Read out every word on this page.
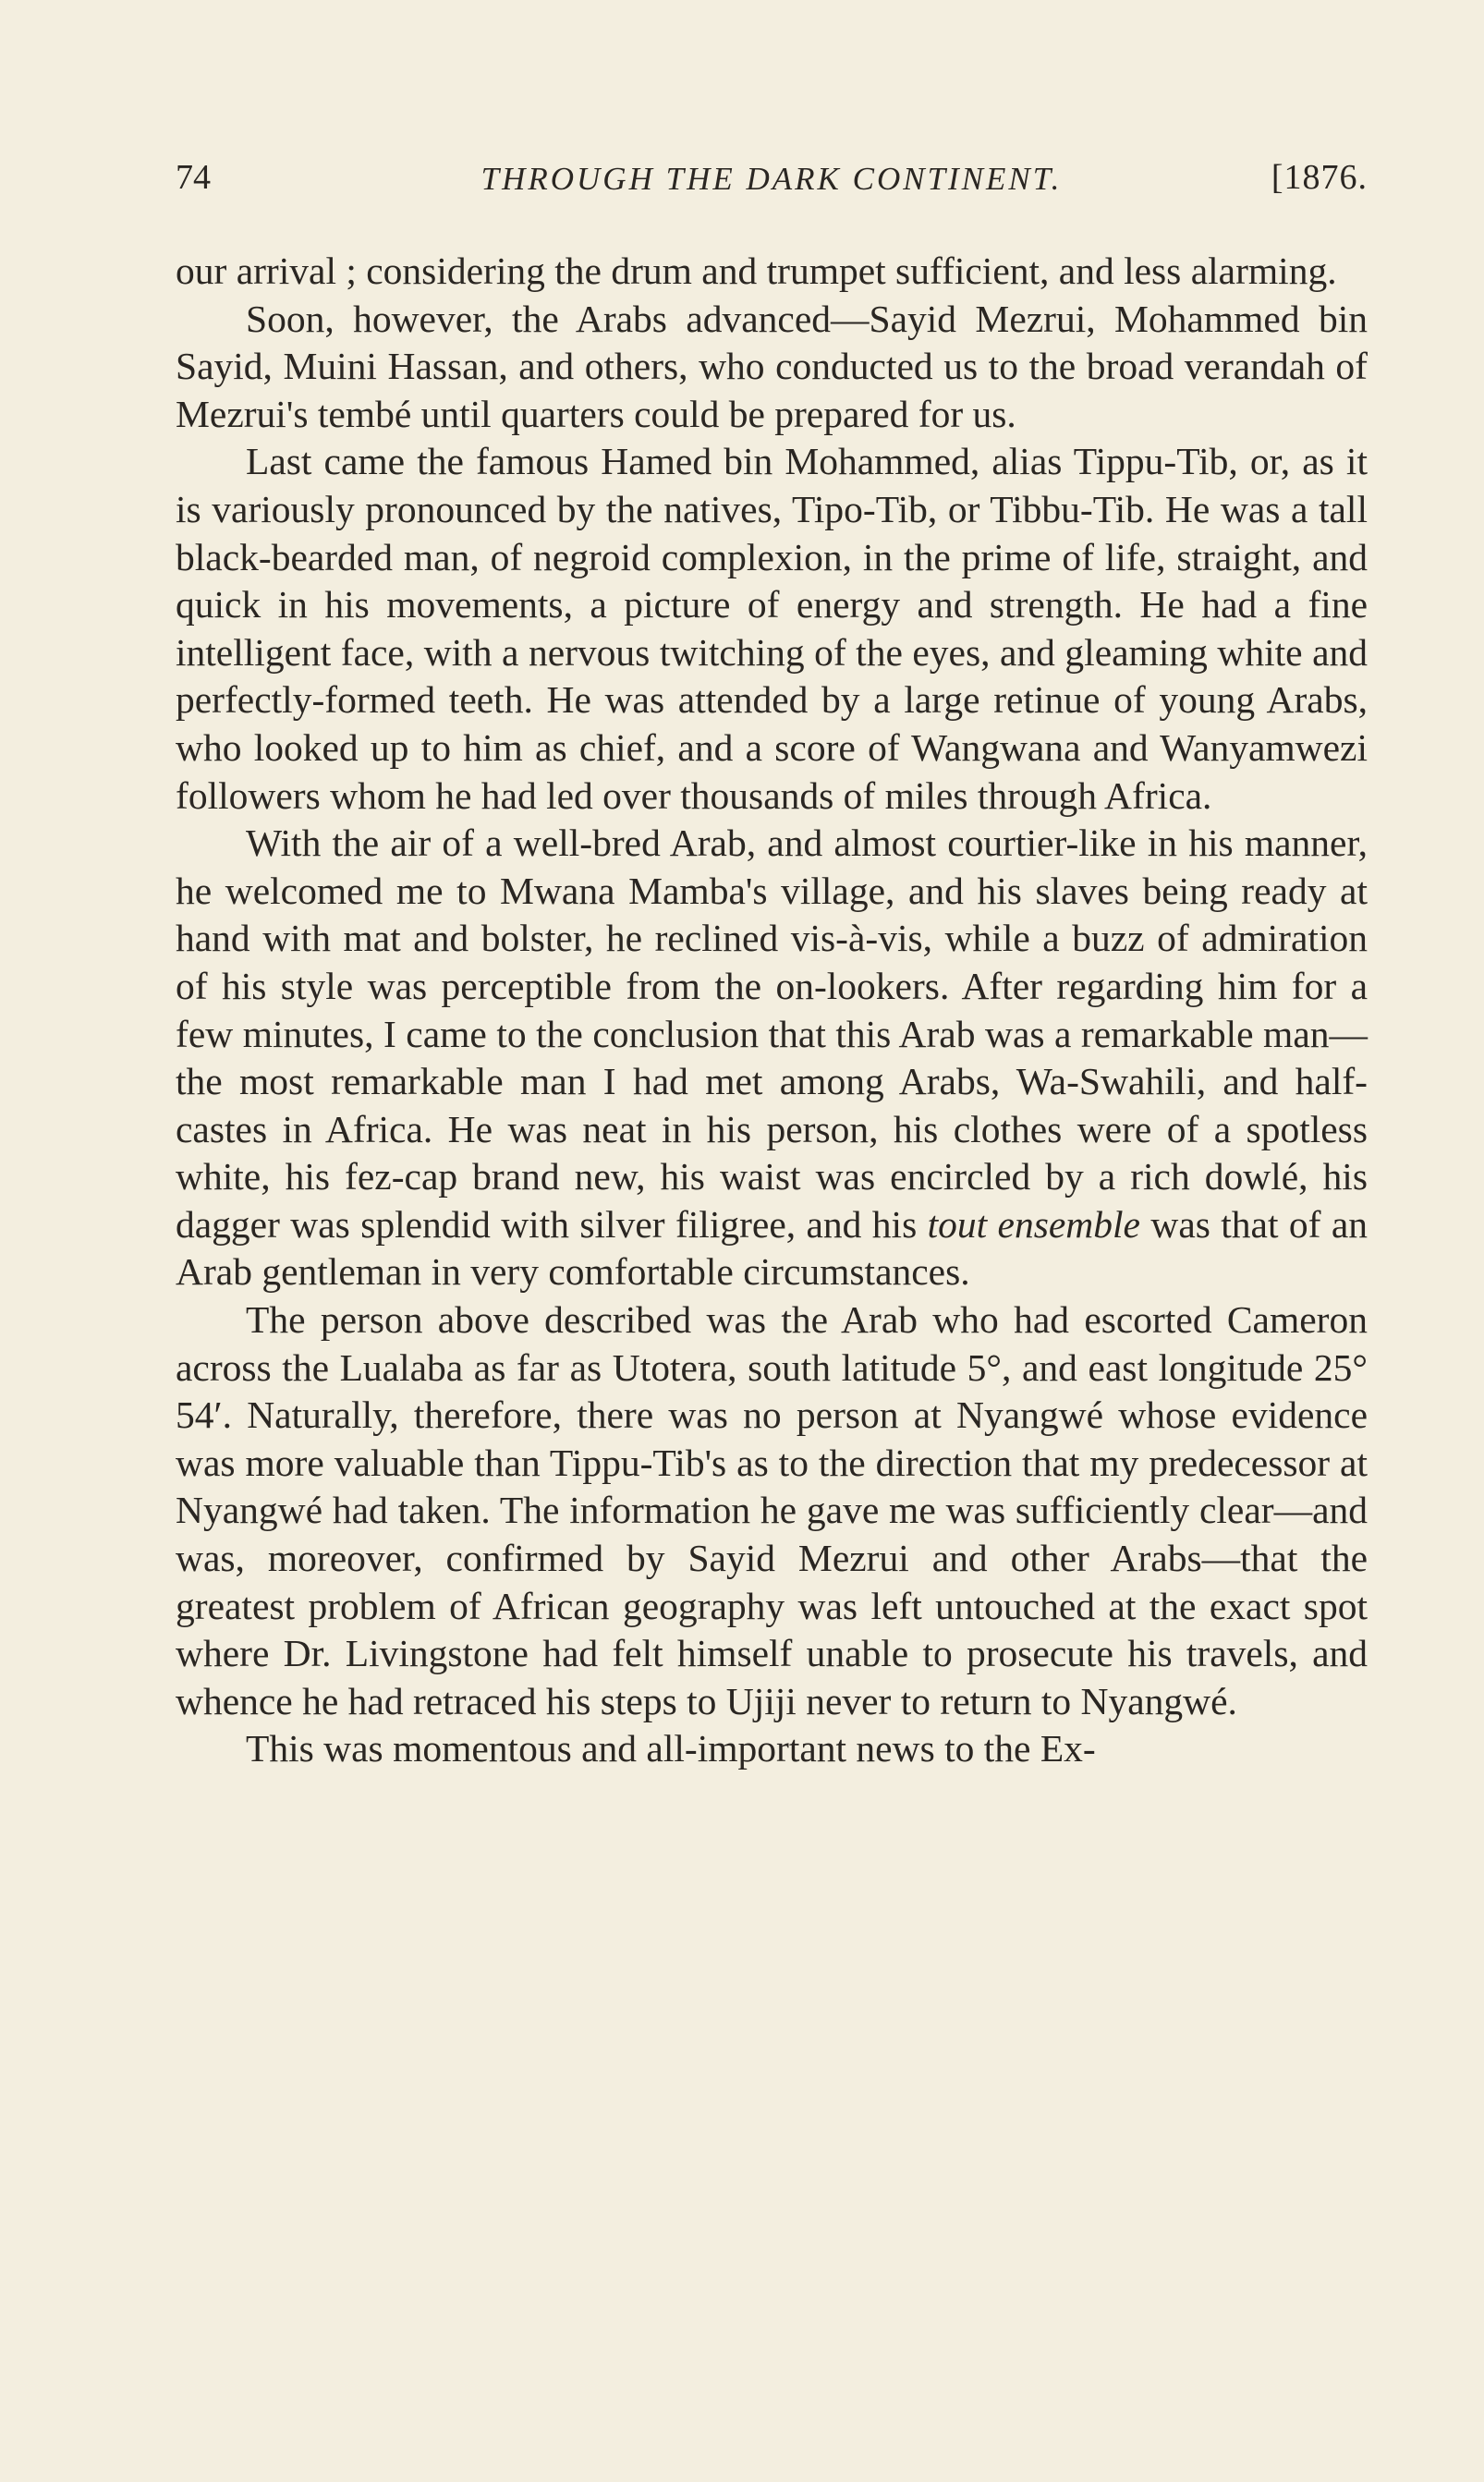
74	THROUGH THE DARK CONTINENT.	[1876.

our arrival ; considering the drum and trumpet sufficient, and less alarming.

Soon, however, the Arabs advanced—Sayid Mezrui, Mohammed bin Sayid, Muini Hassan, and others, who conducted us to the broad verandah of Mezrui's tembé until quarters could be prepared for us.

Last came the famous Hamed bin Mohammed, alias Tippu-Tib, or, as it is variously pronounced by the natives, Tipo-Tib, or Tibbu-Tib. He was a tall black-bearded man, of negroid complexion, in the prime of life, straight, and quick in his movements, a picture of energy and strength. He had a fine intelligent face, with a nervous twitching of the eyes, and gleaming white and perfectly-formed teeth. He was attended by a large retinue of young Arabs, who looked up to him as chief, and a score of Wangwana and Wanyamwezi followers whom he had led over thousands of miles through Africa.

With the air of a well-bred Arab, and almost courtier-like in his manner, he welcomed me to Mwana Mamba's village, and his slaves being ready at hand with mat and bolster, he reclined vis-à-vis, while a buzz of admiration of his style was perceptible from the on-lookers. After regarding him for a few minutes, I came to the conclusion that this Arab was a remarkable man—the most remarkable man I had met among Arabs, Wa-Swahili, and half-castes in Africa. He was neat in his person, his clothes were of a spotless white, his fez-cap brand new, his waist was encircled by a rich dowlé, his dagger was splendid with silver filigree, and his tout ensemble was that of an Arab gentleman in very comfortable circumstances.

The person above described was the Arab who had escorted Cameron across the Lualaba as far as Utotera, south latitude 5°, and east longitude 25° 54′. Naturally, therefore, there was no person at Nyangwé whose evidence was more valuable than Tippu-Tib's as to the direction that my predecessor at Nyangwé had taken. The information he gave me was sufficiently clear—and was, moreover, confirmed by Sayid Mezrui and other Arabs—that the greatest problem of African geography was left untouched at the exact spot where Dr. Livingstone had felt himself unable to prosecute his travels, and whence he had retraced his steps to Ujiji never to return to Nyangwé.

This was momentous and all-important news to the Ex-
